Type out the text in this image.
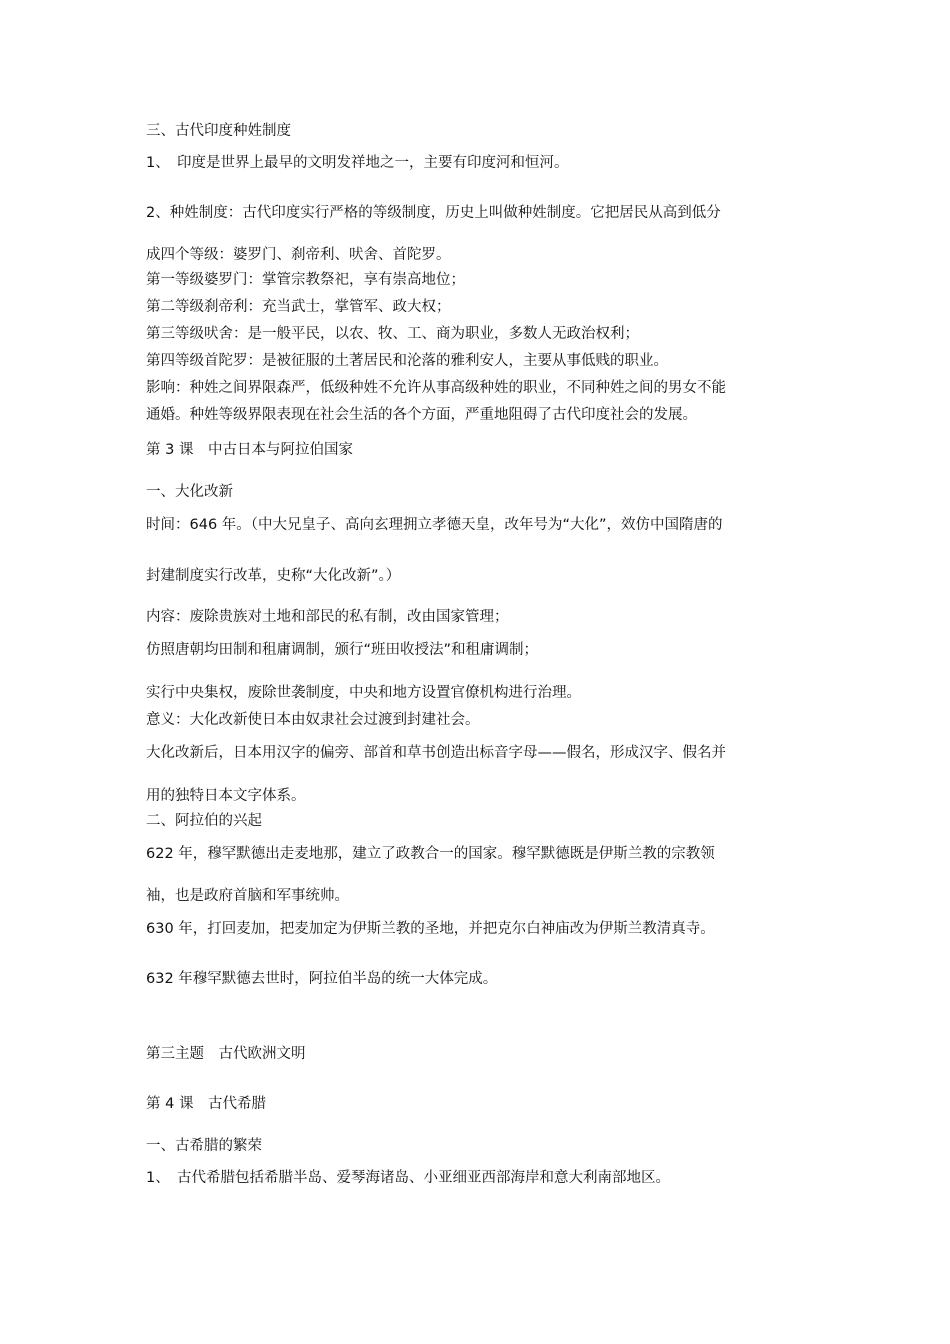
三、古代印度种姓制度
1、　印度是世界上最早的文明发祥地之一，主要有印度河和恒河。
2、种姓制度：古代印度实行严格的等级制度，历史上叫做种姓制度。它把居民从高到低分
成四个等级：婆罗门、刹帝利、吠舍、首陀罗。
第一等级婆罗门：掌管宗教祭祀，享有崇高地位；
第二等级刹帝利：充当武士，掌管军、政大权；
第三等级吠舍：是一般平民，以农、牧、工、商为职业，多数人无政治权利；
第四等级首陀罗：是被征服的土著居民和沦落的雅利安人，主要从事低贱的职业。
影响：种姓之间界限森严，低级种姓不允许从事高级种姓的职业，不同种姓之间的男女不能
通婚。种姓等级界限表现在社会生活的各个方面，严重地阻碍了古代印度社会的发展。
第 3 课　中古日本与阿拉伯国家
一、大化改新
时间：646 年。（中大兄皇子、高向玄理拥立孝德天皇，改年号为“大化”，效仿中国隋唐的
封建制度实行改革，史称“大化改新”。）
内容：废除贵族对土地和部民的私有制，改由国家管理；
仿照唐朝均田制和租庸调制，颁行“班田收授法”和租庸调制；
实行中央集权，废除世袭制度，中央和地方设置官僚机构进行治理。
意义：大化改新使日本由奴隶社会过渡到封建社会。
大化改新后，日本用汉字的偏旁、部首和草书创造出标音字母——假名，形成汉字、假名并
用的独特日本文字体系。
二、阿拉伯的兴起
622 年，穆罕默德出走麦地那，建立了政教合一的国家。穆罕默德既是伊斯兰教的宗教领
袖，也是政府首脑和军事统帅。
630 年，打回麦加，把麦加定为伊斯兰教的圣地，并把克尔白神庙改为伊斯兰教清真寺。
632 年穆罕默德去世时，阿拉伯半岛的统一大体完成。
第三主题　古代欧洲文明
第 4 课　古代希腊
一、古希腊的繁荣
1、　古代希腊包括希腊半岛、爱琴海诸岛、小亚细亚西部海岸和意大利南部地区。
